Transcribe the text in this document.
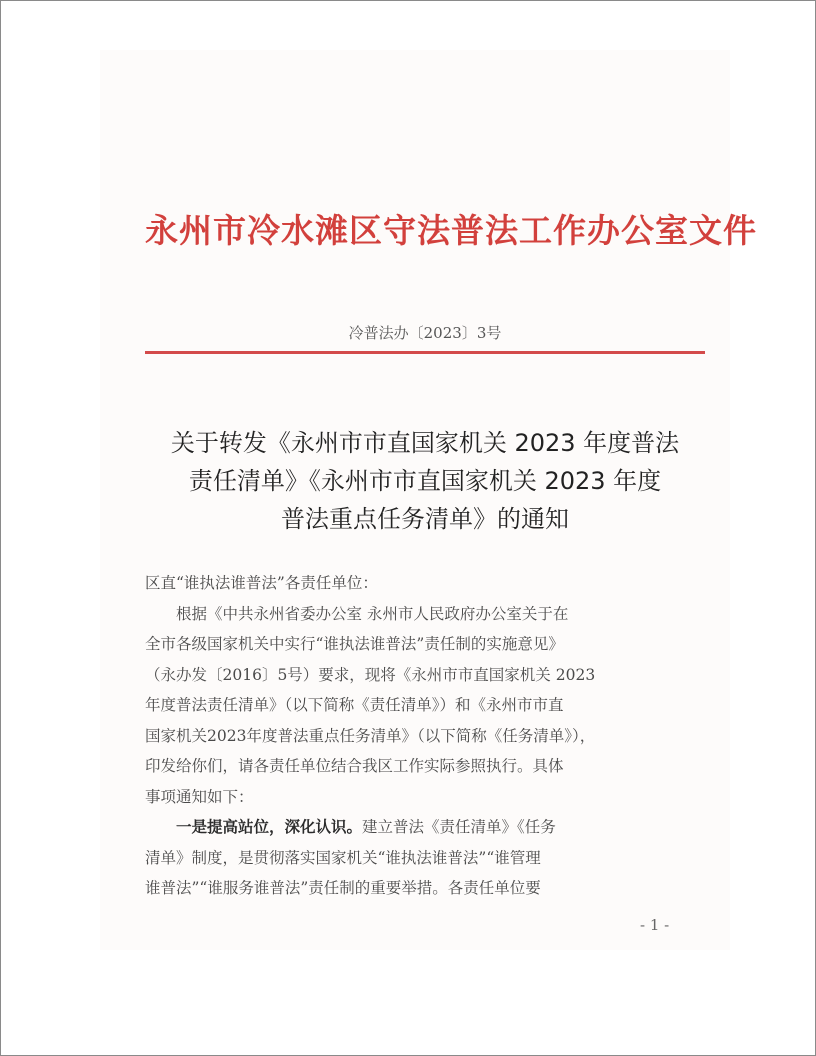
永州市冷水滩区守法普法工作办公室文件
冷普法办〔2023〕3号
关于转发《永州市市直国家机关 2023 年度普法
责任清单》《永州市市直国家机关 2023 年度
普法重点任务清单》的通知
区直“谁执法谁普法”各责任单位：
根据《中共永州省委办公室 永州市人民政府办公室关于在
全市各级国家机关中实行“谁执法谁普法”责任制的实施意见》
（永办发〔2016〕5号）要求，现将《永州市市直国家机关 2023
年度普法责任清单》（以下简称《责任清单》）和《永州市市直
国家机关2023年度普法重点任务清单》（以下简称《任务清单》），
印发给你们，请各责任单位结合我区工作实际参照执行。具体
事项通知如下：
一是提高站位，深化认识。建立普法《责任清单》《任务
清单》制度，是贯彻落实国家机关“谁执法谁普法”“谁管理
谁普法”“谁服务谁普法”责任制的重要举措。各责任单位要
- 1 -
